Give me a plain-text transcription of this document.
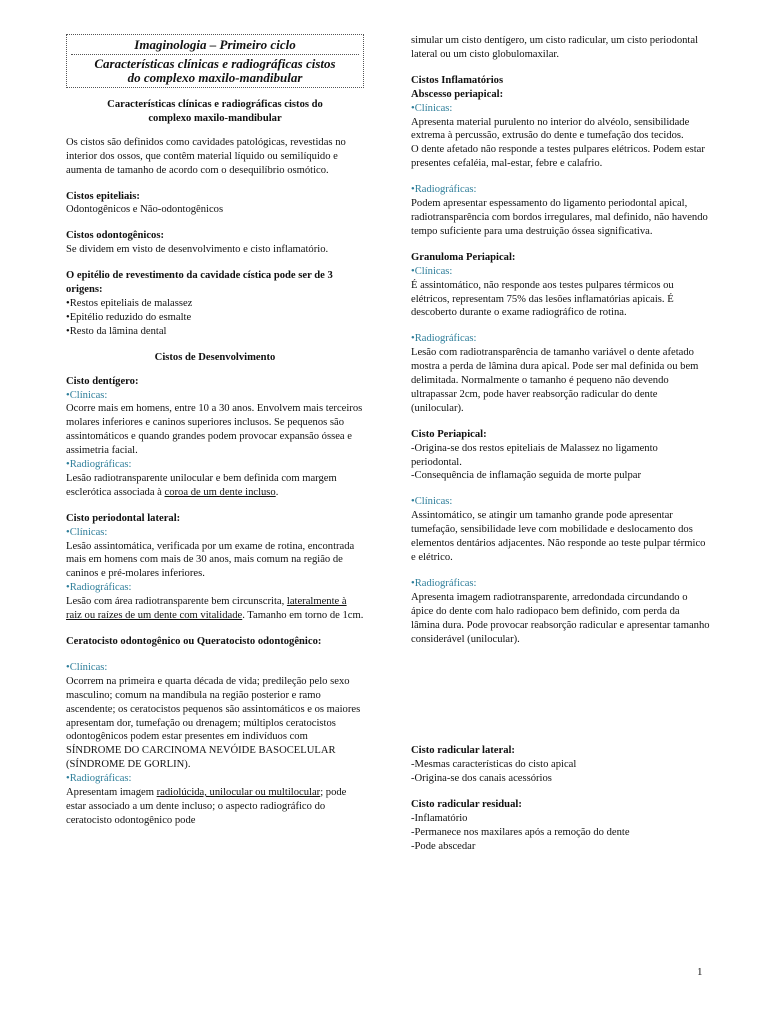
Imaginologia – Primeiro ciclo
Características clínicas e radiográficas cistos
do complexo maxilo-mandibular
Características clínicas e radiográficas cistos do
complexo maxilo-mandibular

Os cistos são definidos como cavidades patológicas, revestidas no interior dos ossos, que contêm material líquido ou semilíquido e aumenta de tamanho de acordo com o desequilíbrio osmótico.

Cistos epiteliais:
Odontogênicos e Não-odontogênicos

Cistos odontogênicos:
Se dividem em visto de desenvolvimento e cisto inflamatório.

O epitélio de revestimento da cavidade cística pode ser de 3 origens:
•Restos epiteliais de malassez
•Epitélio reduzido do esmalte
•Resto da lâmina dental

Cistos de Desenvolvimento

Cisto dentígero:
•Clínicas:
Ocorre mais em homens, entre 10 a 30 anos. Envolvem mais terceiros molares inferiores e caninos superiores inclusos. Se pequenos são assintomáticos e quando grandes podem provocar expansão óssea e assimetria facial.
•Radiográficas:
Lesão radiotransparente unilocular e bem definida com margem esclerótica associada à coroa de um dente incluso.

Cisto periodontal lateral:
•Clínicas:
Lesão assintomática, verificada por um exame de rotina, encontrada mais em homens com mais de 30 anos, mais comum na região de caninos e pré-molares inferiores.
•Radiográficas:
Lesão com área radiotransparente bem circunscrita, lateralmente à raiz ou raízes de um dente com vitalidade. Tamanho em torno de 1cm.

Ceratocisto odontogênico ou Queratocisto odontogênico:
•Clínicas:
Ocorrem na primeira e quarta década de vida; predileção pelo sexo masculino; comum na mandíbula na região posterior e ramo ascendente; os ceratocistos pequenos são assintomáticos e os maiores apresentam dor, tumefação ou drenagem; múltiplos ceratocistos odontogênicos podem estar presentes em indivíduos com SÍNDROME DO CARCINOMA NEVÓIDE BASOCELULAR (SÍNDROME DE GORLIN).
•Radiográficas:
Apresentam imagem radiolúcida, unilocular ou multilocular; pode estar associado a um dente incluso; o aspecto radiográfico do ceratocisto odontogênico pode

simular um cisto dentígero, um cisto radicular, um cisto periodontal lateral ou um cisto globulomaxilar.

Cistos Inflamatórios
Abscesso periapical:
•Clínicas:
Apresenta material purulento no interior do alvéolo, sensibilidade extrema à percussão, extrusão do dente e tumefação dos tecidos.
O dente afetado não responde a testes pulpares elétricos. Podem estar presentes cefaléia, mal-estar, febre e calafrio.

•Radiográficas:
Podem apresentar espessamento do ligamento periodontal apical, radiotransparência com bordos irregulares, mal definido, não havendo tempo suficiente para uma destruição óssea significativa.

Granuloma Periapical:
•Clínicas:
É assintomático, não responde aos testes pulpares térmicos ou elétricos, representam 75% das lesões inflamatórias apicais. É descoberto durante o exame radiográfico de rotina.

•Radiográficas:
Lesão com radiotransparência de tamanho variável o dente afetado mostra a perda de lâmina dura apical. Pode ser mal definida ou bem delimitada. Normalmente o tamanho é pequeno não devendo ultrapassar 2cm, pode haver reabsorção radicular do dente (unilocular).

Cisto Periapical:
-Origina-se dos restos epiteliais de Malassez no ligamento periodontal.
-Consequência de inflamação seguida de morte pulpar

•Clínicas:
Assintomático, se atingir um tamanho grande pode apresentar tumefação, sensibilidade leve com mobilidade e deslocamento dos elementos dentários adjacentes. Não responde ao teste pulpar térmico e elétrico.

•Radiográficas:
Apresenta imagem radiotransparente, arredondada circundando o ápice do dente com halo radiopaco bem definido, com perda da lâmina dura. Pode provocar reabsorção radicular e apresentar tamanho considerável (unilocular).

Cisto radicular lateral:
-Mesmas características do cisto apical
-Origina-se dos canais acessórios

Cisto radicular residual:
-Inflamatório
-Permanece nos maxilares após a remoção do dente
-Pode abscedar

1
